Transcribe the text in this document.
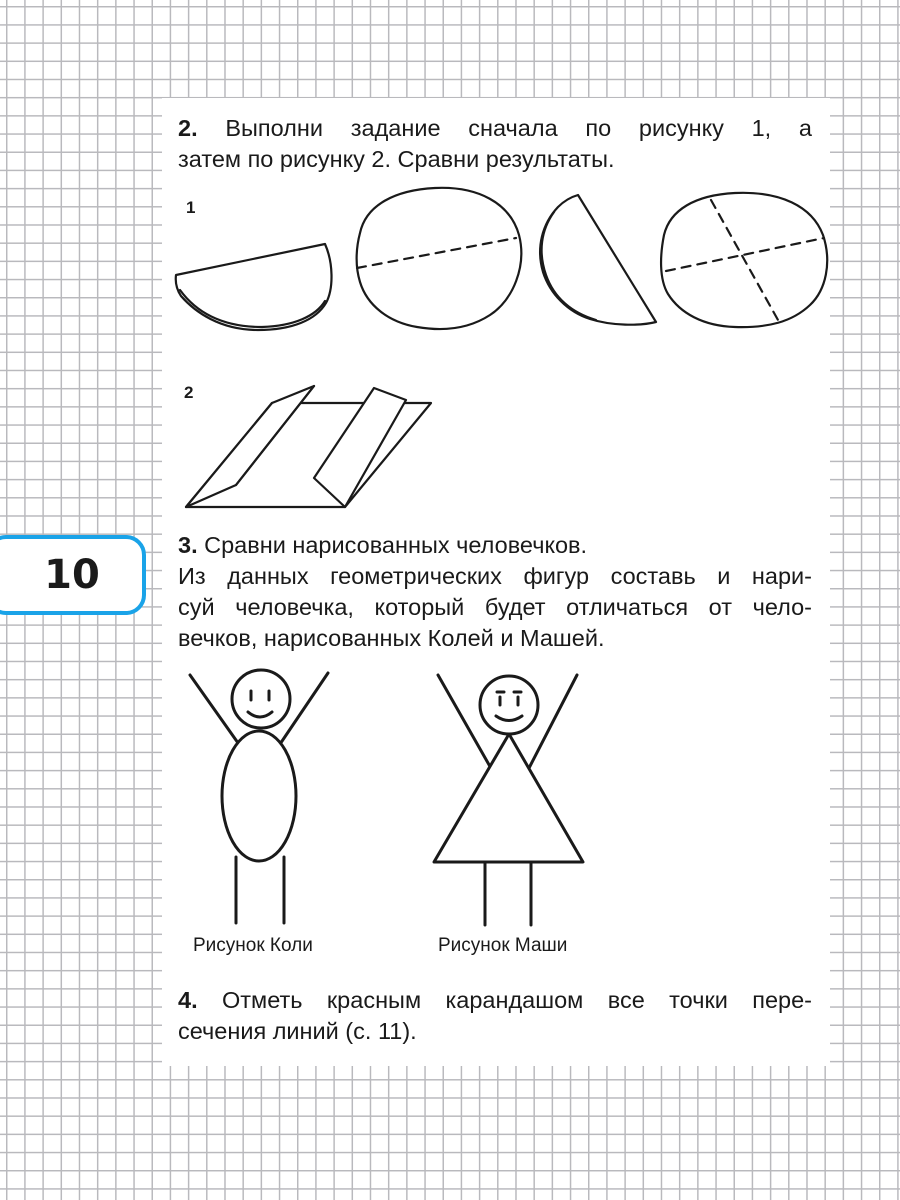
2. Выполни задание сначала по рисунку 1, а
затем по рисунку 2. Сравни результаты.

1
2

3. Сравни нарисованных человечков.
Из данных геометрических фигур составь и нари-
суй человечка, который будет отличаться от чело-
вечков, нарисованных Колей и Машей.

Рисунок Коли	Рисунок Маши

4. Отметь красным карандашом все точки пере-
сечения линий (с. 11).

10
